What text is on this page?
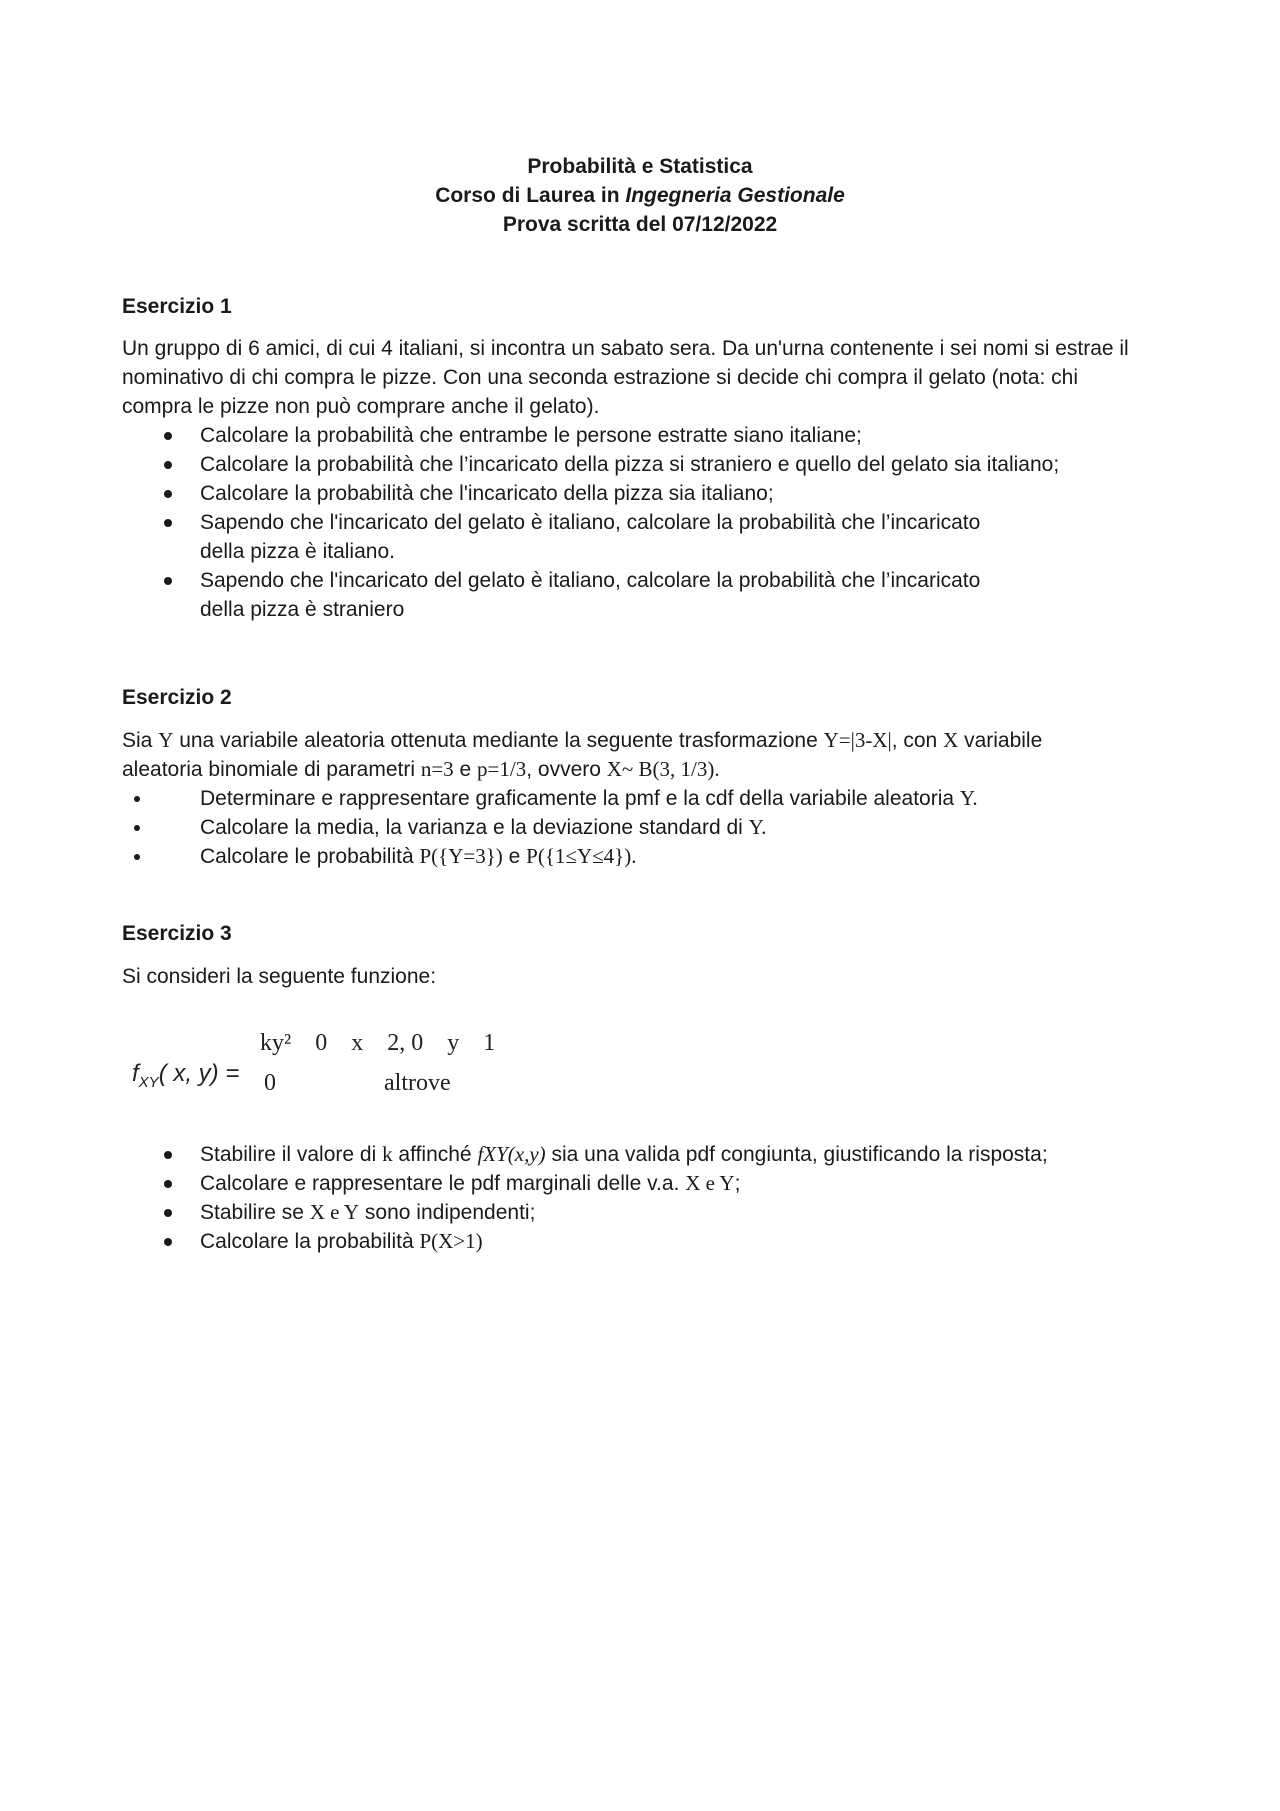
Probabilità e Statistica
Corso di Laurea in Ingegneria Gestionale
Prova scritta del 07/12/2022
Esercizio 1
Un gruppo di 6 amici, di cui 4 italiani, si incontra un sabato sera. Da un'urna contenente i sei nomi si estrae il
nominativo di chi compra le pizze. Con una seconda estrazione si decide chi compra il gelato (nota: chi
compra le pizze non può comprare anche il gelato).
Calcolare la probabilità che entrambe le persone estratte siano italiane;
Calcolare la probabilità che l’incaricato della pizza si straniero e quello del gelato sia italiano;
Calcolare la probabilità che l'incaricato della pizza sia italiano;
Sapendo che l'incaricato del gelato è italiano, calcolare la probabilità che l’incaricato della pizza è italiano.
Sapendo che l'incaricato del gelato è italiano, calcolare la probabilità che l’incaricato della pizza è straniero
Esercizio 2
Sia Y una variabile aleatoria ottenuta mediante la seguente trasformazione Y=|3-X|, con X variabile
aleatoria binomiale di parametri n=3 e p=1/3, ovvero X~ B(3, 1/3).
Determinare e rappresentare graficamente la pmf e la cdf della variabile aleatoria Y.
Calcolare la media, la varianza e la deviazione standard di Y.
Calcolare le probabilità P({Y=3}) e P({1≤Y≤4}).
Esercizio 3
Si consideri la seguente funzione:
$f_{XY}$( x, y) =
ky²    0    x    2, 0    y    1
0	altrove
Stabilire il valore di k affinché fXY(x,y) sia una valida pdf congiunta, giustificando la risposta;
Calcolare e rappresentare le pdf marginali delle v.a. X e Y;
Stabilire se X e Y sono indipendenti;
Calcolare la probabilità P(X>1)
